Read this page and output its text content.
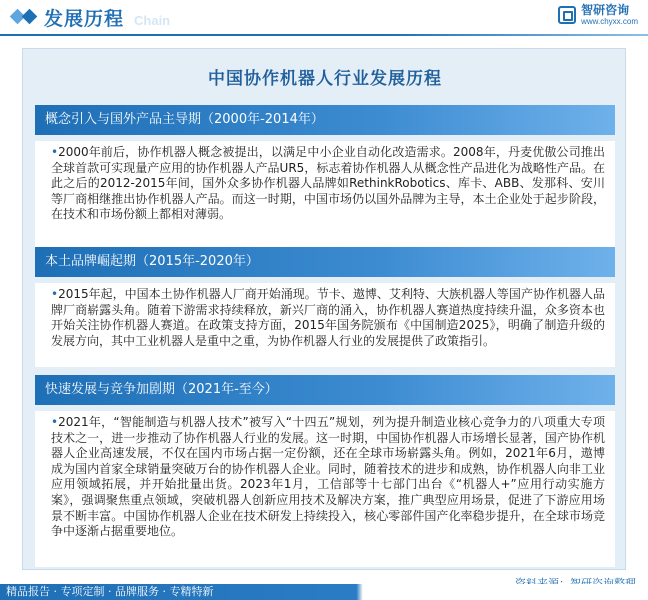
发展历程 Chain
智研咨询
www.chyxx.com
中国协作机器人行业发展历程
概念引入与国外产品主导期（2000年-2014年）
•2000年前后，协作机器人概念被提出，以满足中小企业自动化改造需求。2008年，丹麦优傲公司推出全球首款可实现量产应用的协作机器人产品UR5，标志着协作机器人从概念性产品进化为战略性产品。在此之后的2012-2015年间，国外众多协作机器人品牌如RethinkRobotics、库卡、ABB、发那科、安川等厂商相继推出协作机器人产品。而这一时期，中国市场仍以国外品牌为主导，本土企业处于起步阶段，在技术和市场份额上都相对薄弱。
本土品牌崛起期（2015年-2020年）
•2015年起，中国本土协作机器人厂商开始涌现。节卡、遨博、艾利特、大族机器人等国产协作机器人品牌厂商崭露头角。随着下游需求持续释放，新兴厂商的涌入，协作机器人赛道热度持续升温，众多资本也开始关注协作机器人赛道。在政策支持方面，2015年国务院颁布《中国制造2025》，明确了制造升级的发展方向，其中工业机器人是重中之重，为协作机器人行业的发展提供了政策指引。
快速发展与竞争加剧期（2021年-至今）
•2021年，“智能制造与机器人技术”被写入“十四五”规划，列为提升制造业核心竞争力的八项重大专项技术之一，进一步推动了协作机器人行业的发展。这一时期，中国协作机器人市场增长显著，国产协作机器人企业高速发展，不仅在国内市场占据一定份额，还在全球市场崭露头角。例如，2021年6月，遨博成为国内首家全球销量突破万台的协作机器人企业。同时，随着技术的进步和成熟，协作机器人向非工业应用领域拓展，并开始批量出货。2023年1月，工信部等十七部门出台《“机器人+”应用行动实施方案》，强调聚焦重点领域，突破机器人创新应用技术及解决方案，推广典型应用场景，促进了下游应用场景不断丰富。中国协作机器人企业在技术研发上持续投入，核心零部件国产化率稳步提升，在全球市场竞争中逐渐占据重要地位。
精品报告 · 专项定制 · 品牌服务 · 专精特新
